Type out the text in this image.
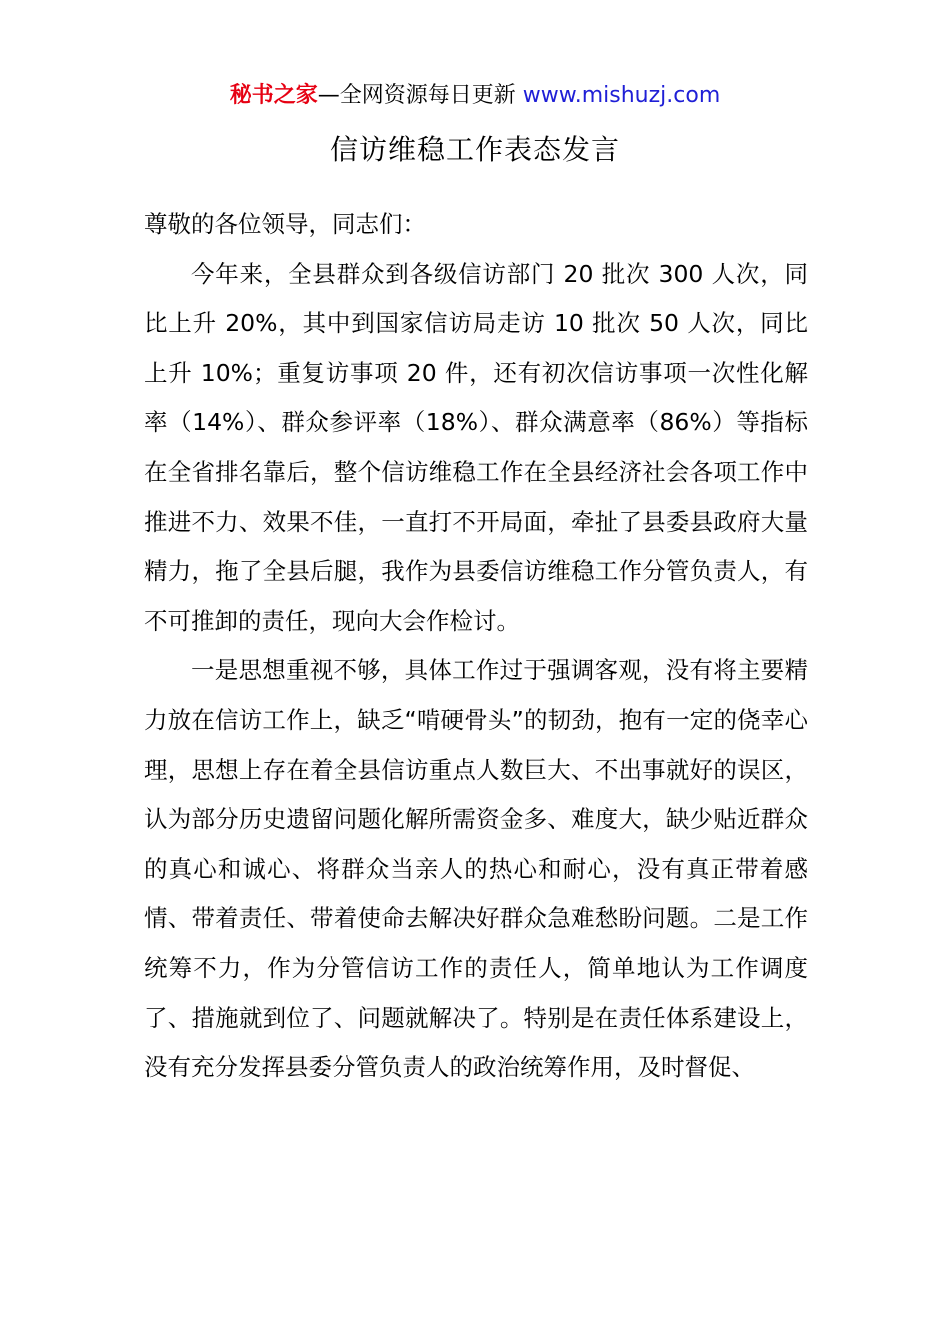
秘书之家—全网资源每日更新 www.mishuzj.com
信访维稳工作表态发言

尊敬的各位领导，同志们：

今年来，全县群众到各级信访部门 20 批次 300 人次，同比上升 20%，其中到国家信访局走访 10 批次 50 人次，同比上升 10%；重复访事项 20 件，还有初次信访事项一次性化解率（14%）、群众参评率（18%）、群众满意率（86%）等指标在全省排名靠后，整个信访维稳工作在全县经济社会各项工作中推进不力、效果不佳，一直打不开局面，牵扯了县委县政府大量精力，拖了全县后腿，我作为县委信访维稳工作分管负责人，有不可推卸的责任，现向大会作检讨。

一是思想重视不够，具体工作过于强调客观，没有将主要精力放在信访工作上，缺乏“啃硬骨头”的韧劲，抱有一定的侥幸心理，思想上存在着全县信访重点人数巨大、不出事就好的误区，认为部分历史遗留问题化解所需资金多、难度大，缺少贴近群众的真心和诚心、将群众当亲人的热心和耐心，没有真正带着感情、带着责任、带着使命去解决好群众急难愁盼问题。二是工作统筹不力，作为分管信访工作的责任人，简单地认为工作调度了、措施就到位了、问题就解决了。特别是在责任体系建设上，没有充分发挥县委分管负责人的政治统筹作用，及时督促、
